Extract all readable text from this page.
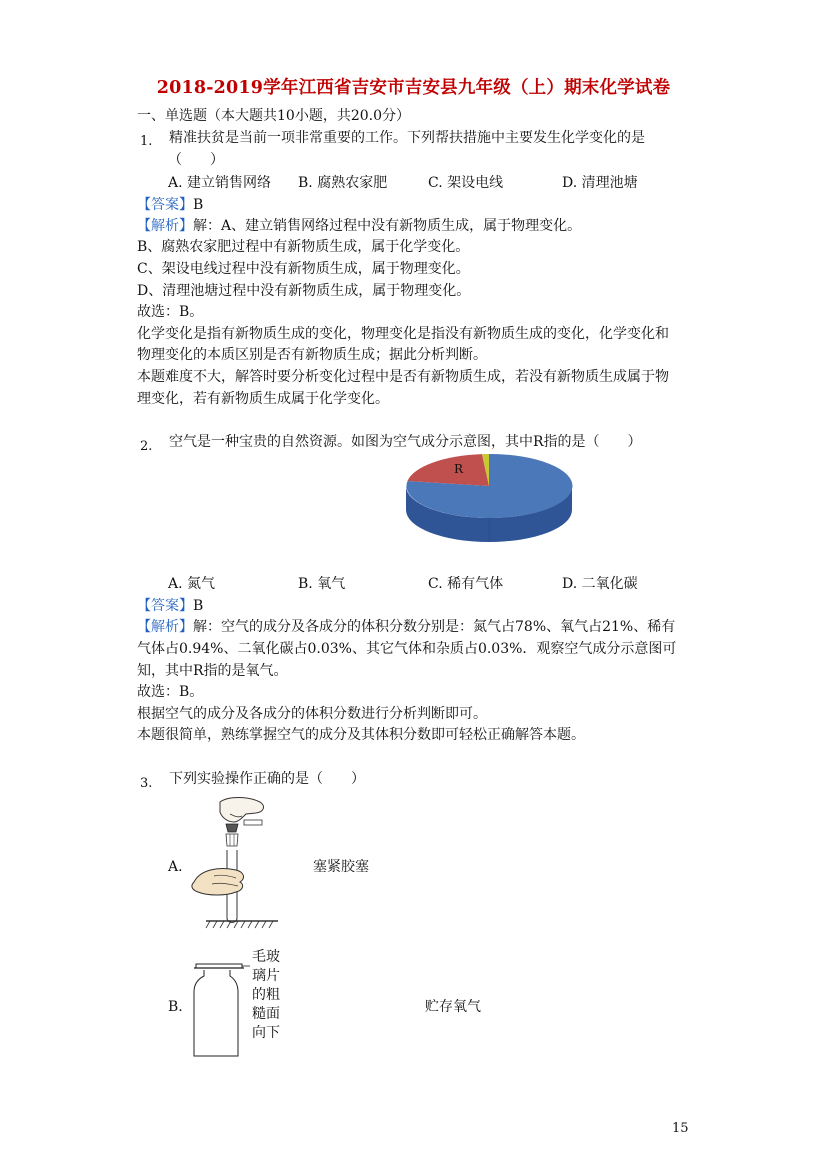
2018-2019学年江西省吉安市吉安县九年级（上）期末化学试卷
一、单选题（本大题共10小题，共20.0分）
1. 精准扶贫是当前一项非常重要的工作。下列帮扶措施中主要发生化学变化的是
（　　）
A. 建立销售网络 B. 腐熟农家肥	C. 架设电线	D. 清理池塘
【答案】B
【解析】解：A、建立销售网络过程中没有新物质生成，属于物理变化。
B、腐熟农家肥过程中有新物质生成，属于化学变化。
C、架设电线过程中没有新物质生成，属于物理变化。
D、清理池塘过程中没有新物质生成，属于物理变化。
故选：B。
化学变化是指有新物质生成的变化，物理变化是指没有新物质生成的变化，化学变化和
物理变化的本质区别是否有新物质生成；据此分析判断。
本题难度不大，解答时要分析变化过程中是否有新物质生成，若没有新物质生成属于物
理变化，若有新物质生成属于化学变化。
2. 空气是一种宝贵的自然资源。如图为空气成分示意图，其中R指的是（　　）
R
A. 氮气	B. 氧气	C. 稀有气体	D. 二氧化碳
【答案】B
【解析】解：空气的成分及各成分的体积分数分别是：氮气占78%、氧气占21%、稀有
气体占0.94%、二氧化碳占0.03%、其它气体和杂质占0.03%．观察空气成分示意图可
知，其中R指的是氧气。
故选：B。
根据空气的成分及各成分的体积分数进行分析判断即可。
本题很简单，熟练掌握空气的成分及其体积分数即可轻松正确解答本题。
3. 下列实验操作正确的是（　　）
A.	塞紧胶塞
B.
毛玻
璃片
的粗
糙面
向下
贮存氧气
15
